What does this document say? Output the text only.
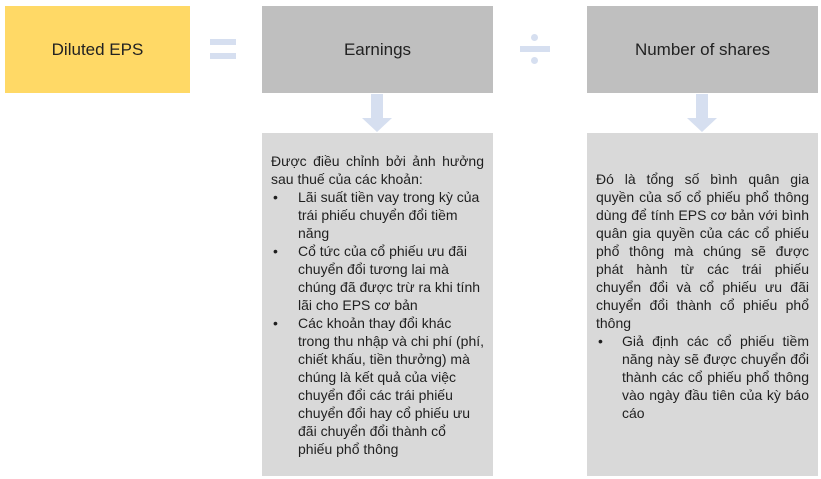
Diluted EPS	Earnings	Number of shares
Được điều chỉnh bởi ảnh hưởng sau thuế của các khoản:
• Lãi suất tiền vay trong kỳ của trái phiếu chuyển đổi tiềm năng
• Cổ tức của cổ phiếu ưu đãi chuyển đổi tương lai mà chúng đã được trừ ra khi tính lãi cho EPS cơ bản
• Các khoản thay đổi khác trong thu nhập và chi phí (phí, chiết khấu, tiền thưởng) mà chúng là kết quả của việc chuyển đổi các trái phiếu chuyển đổi hay cổ phiếu ưu đãi chuyển đổi thành cổ phiếu phổ thông
Đó là tổng số bình quân gia quyền của số cổ phiếu phổ thông dùng để tính EPS cơ bản với bình quân gia quyền của các cổ phiếu phổ thông mà chúng sẽ được phát hành từ các trái phiếu chuyển đổi và cổ phiếu ưu đãi chuyển đổi thành cổ phiếu phổ thông
• Giả định các cổ phiếu tiềm năng này sẽ được chuyển đổi thành các cổ phiếu phổ thông vào ngày đầu tiên của kỳ báo cáo
